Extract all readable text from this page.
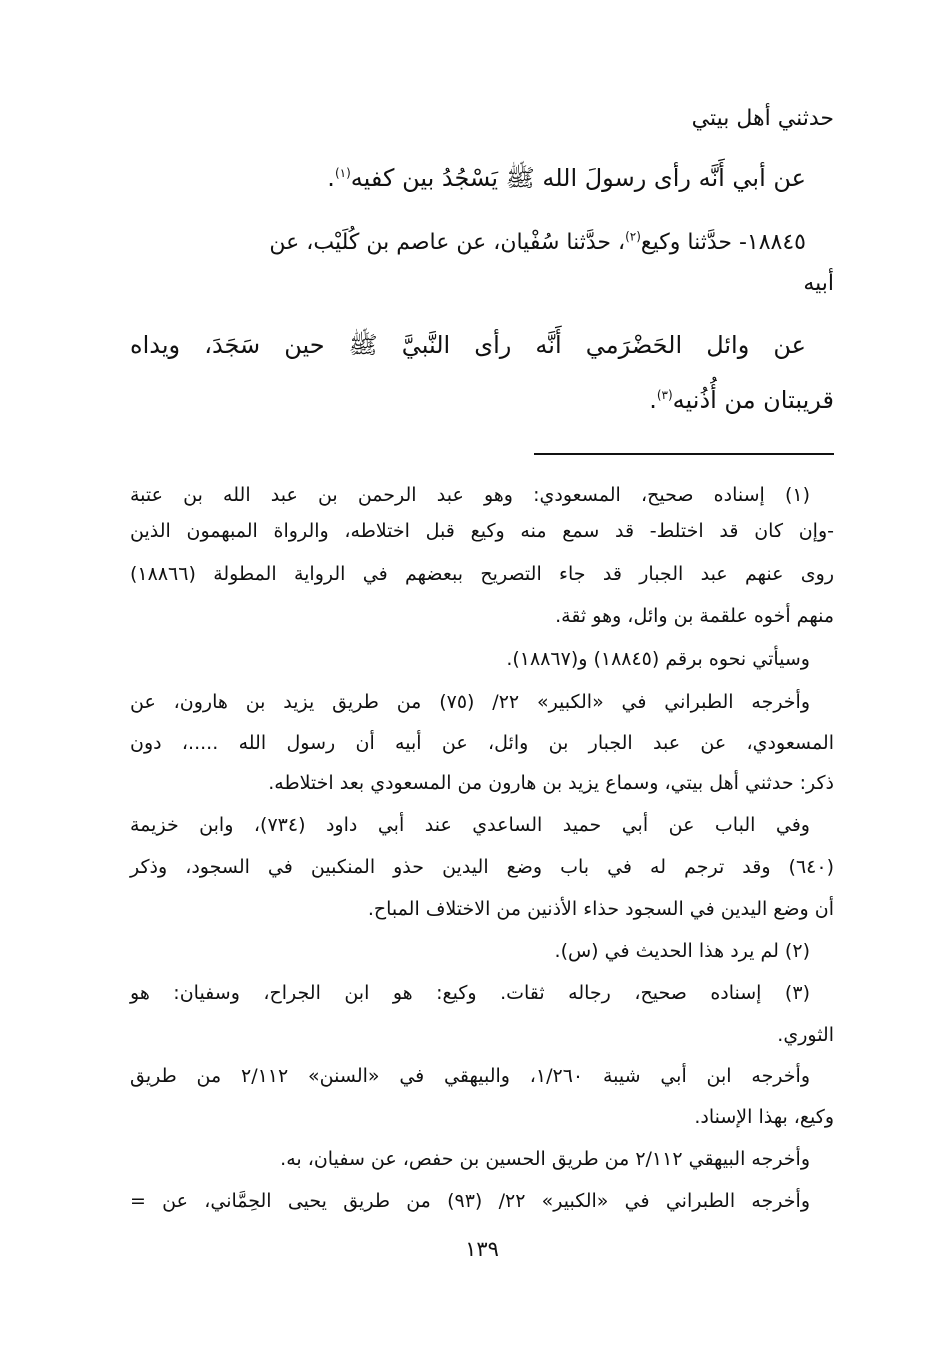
حدثني أهل بيتي
عن أبي أَنَّه رأى رسولَ الله ﷺ يَسْجُدُ بين كفيه$^{(١)}$.
١٨٨٤٥- حدَّثنا وكيع$^{(٢)}$، حدَّثنا سُفْيان، عن عاصم بن كُلَيْب، عن
أبيه
عن وائل الحَضْرَمي أَنَّه رأى النَّبيَّ ﷺ حين سَجَدَ، ويداه
قريبتان من أُذُنيه$^{(٣)}$.
(١) إسناده صحيح، المسعودي: وهو عبد الرحمن بن عبد الله بن عتبة
-وإن كان قد اختلط- قد سمع منه وكيع قبل اختلاطه، والرواة المبهمون الذين
روى عنهم عبد الجبار قد جاء التصريح ببعضهم في الرواية المطولة (١٨٨٦٦)
منهم أخوه علقمة بن وائل، وهو ثقة.
وسيأتي نحوه برقم (١٨٨٤٥) و(١٨٨٦٧).
وأخرجه الطبراني في «الكبير» ٢٢/ (٧٥) من طريق يزيد بن هارون، عن
المسعودي، عن عبد الجبار بن وائل، عن أبيه أن رسول الله .....، دون
ذكر: حدثني أهل بيتي، وسماع يزيد بن هارون من المسعودي بعد اختلاطه.
وفي الباب عن أبي حميد الساعدي عند أبي داود (٧٣٤)، وابن خزيمة
(٦٤٠) وقد ترجم له في باب وضع اليدين حذو المنكبين في السجود، وذكر
أن وضع اليدين في السجود حذاء الأذنين من الاختلاف المباح.
(٢) لم يرد هذا الحديث في (س).
(٣) إسناده صحيح، رجاله ثقات. وكيع: هو ابن الجراح، وسفيان: هو
الثوري.
وأخرجه ابن أبي شيبة ١/٢٦٠، والبيهقي في «السنن» ٢/١١٢ من طريق
وكيع، بهذا الإسناد.
وأخرجه البيهقي ٢/١١٢ من طريق الحسين بن حفص، عن سفيان، به.
وأخرجه الطبراني في «الكبير» ٢٢/ (٩٣) من طريق يحيى الحِمَّاني، عن =
١٣٩
